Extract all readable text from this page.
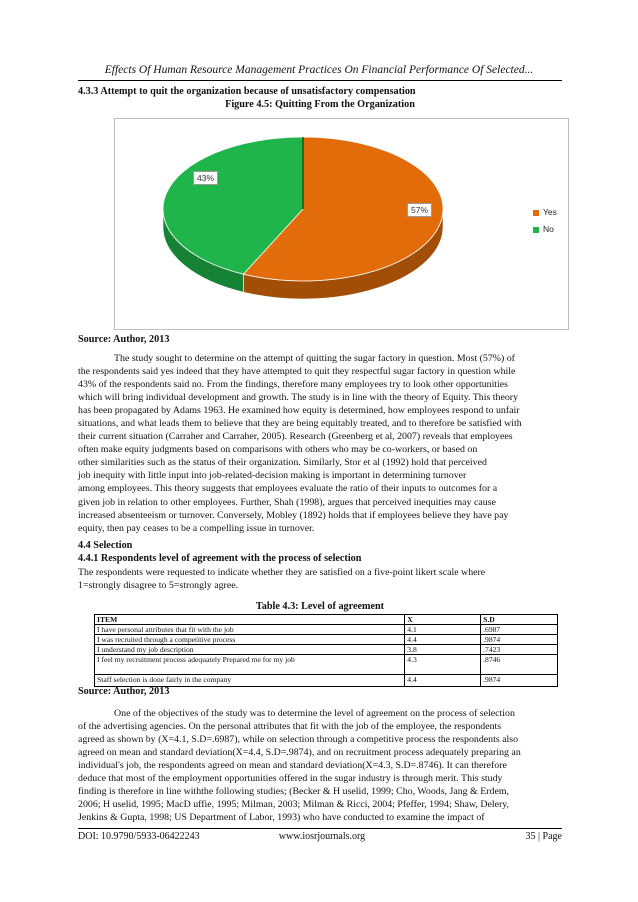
Effects Of Human Resource Management Practices On Financial Performance Of Selected...
4.3.3 Attempt to quit the organization because of unsatisfactory compensation
Figure 4.5: Quitting From the Organization
57%
43%
Yes
No
Source: Author, 2013
The study sought to determine on the attempt of quitting the sugar factory in question. Most (57%) of
the respondents said yes indeed that they have attempted to quit they respectful sugar factory in question while
43% of the respondents said no. From the findings, therefore many employees try to look other opportunities
which will bring individual development and growth. The study is in line with the theory of Equity. This theory
has been propagated by Adams 1963. He examined how equity is determined, how employees respond to unfair
situations, and what leads them to believe that they are being equitably treated, and to therefore be satisfied with
their current situation (Carraher and Carraher, 2005). Research (Greenberg et al, 2007) reveals that employees
often make equity judgments based on comparisons with others who may be co-workers, or based on
other similarities such as the status of their organization. Similarly, Stor et al (1992) hold that perceived
job inequity with little input into job-related-decision making is important in determining turnover
among employees. This theory suggests that employees evaluate the ratio of their inputs to outcomes for a
given job in relation to other employees. Further, Shah (1998), argues that perceived inequities may cause
increased absenteeism or turnover. Conversely, Mobley (1892) holds that if employees believe they have pay
equity, then pay ceases to be a compelling issue in turnover.
4.4 Selection
4.4.1 Respondents level of agreement with the process of selection
The respondents were requested to indicate whether they are satisfied on a five-point likert scale where
1=strongly disagree to 5=strongly agree.
Table 4.3: Level of agreement
ITEM	X	S.D
I have personal attributes that fit with the job	4.1	.6987
I was recruited through a competitive process	4.4	.9874
I understand my job description	3.8	.7423
I feel my recruitment process adequately Prepared me for my job	4.3	.8746
Staff selection is done fairly in the company	4.4	.9874
Source: Author, 2013
One of the objectives of the study was to determine the level of agreement on the process of selection
of the advertising agencies. On the personal attributes that fit with the job of the employee, the respondents
agreed as shown by (X=4.1, S.D=.6987), while on selection through a competitive process the respondents also
agreed on mean and standard deviation(X=4.4, S.D=.9874), and on recruitment process adequately preparing an
individual's job, the respondents agreed on mean and standard deviation(X=4.3, S.D=.8746). It can therefore
deduce that most of the employment opportunities offered in the sugar industry is through merit. This study
finding is therefore in line withthe following studies; (Becker & H uselid, 1999; Cho, Woods, Jang & Erdem,
2006; H uselid, 1995; MacD uffie, 1995; Milman, 2003; Milman & Ricci, 2004; Pfeffer, 1994; Shaw, Delery,
Jenkins & Gupta, 1998; US Department of Labor, 1993) who have conducted to examine the impact of
DOI: 10.9790/5933-06422243	www.iosrjournals.org	35 | Page
